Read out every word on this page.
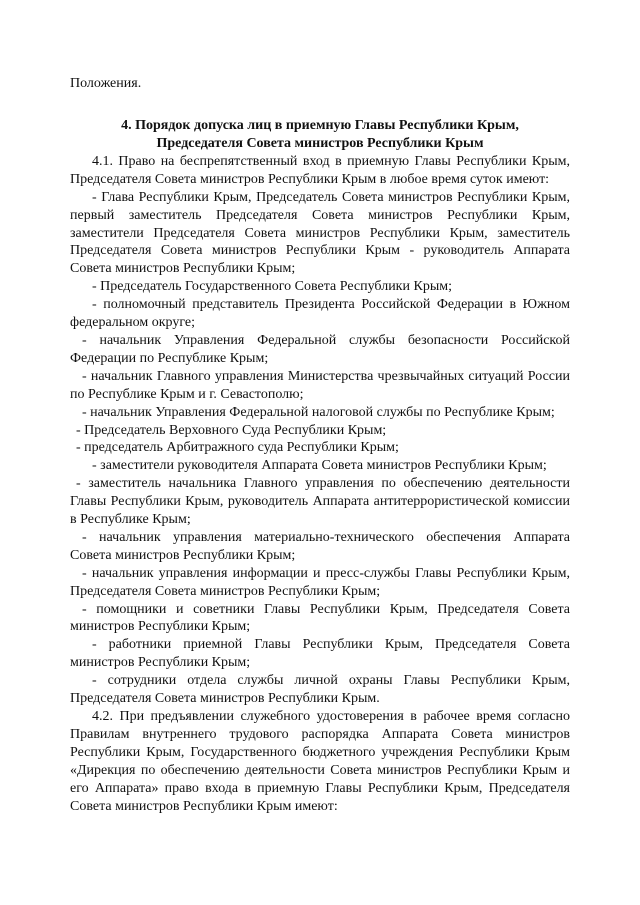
Положения.

4. Порядок допуска лиц в приемную Главы Республики Крым,
Председателя Совета министров Республики Крым

4.1. Право на беспрепятственный вход в приемную Главы Республики Крым, Председателя Совета министров Республики Крым в любое время суток имеют:

- Глава Республики Крым, Председатель Совета министров Республики Крым, первый заместитель Председателя Совета министров Республики Крым, заместители Председателя Совета министров Республики Крым, заместитель Председателя Совета министров Республики Крым - руководитель Аппарата Совета министров Республики Крым;

- Председатель Государственного Совета Республики Крым;

- полномочный представитель Президента Российской Федерации в Южном федеральном округе;

- начальник Управления Федеральной службы безопасности Российской Федерации по Республике Крым;

- начальник Главного управления Министерства чрезвычайных ситуаций России по Республике Крым и г. Севастополю;

- начальник Управления Федеральной налоговой службы по Республике Крым;

- Председатель Верховного Суда Республики Крым;

- председатель Арбитражного суда Республики Крым;

- заместители руководителя Аппарата Совета министров Республики Крым;

- заместитель начальника Главного управления по обеспечению деятельности Главы Республики Крым, руководитель Аппарата антитеррористической комиссии в Республике Крым;

- начальник управления материально-технического обеспечения Аппарата Совета министров Республики Крым;

- начальник управления информации и пресс-службы Главы Республики Крым, Председателя Совета министров Республики Крым;

- помощники и советники Главы Республики Крым, Председателя Совета министров Республики Крым;

- работники приемной Главы Республики Крым, Председателя Совета министров Республики Крым;

- сотрудники отдела службы личной охраны Главы Республики Крым, Председателя Совета министров Республики Крым.

4.2. При предъявлении служебного удостоверения в рабочее время согласно Правилам внутреннего трудового распорядка Аппарата Совета министров Республики Крым, Государственного бюджетного учреждения Республики Крым «Дирекция по обеспечению деятельности Совета министров Республики Крым и его Аппарата» право входа в приемную Главы Республики Крым, Председателя Совета министров Республики Крым имеют:
